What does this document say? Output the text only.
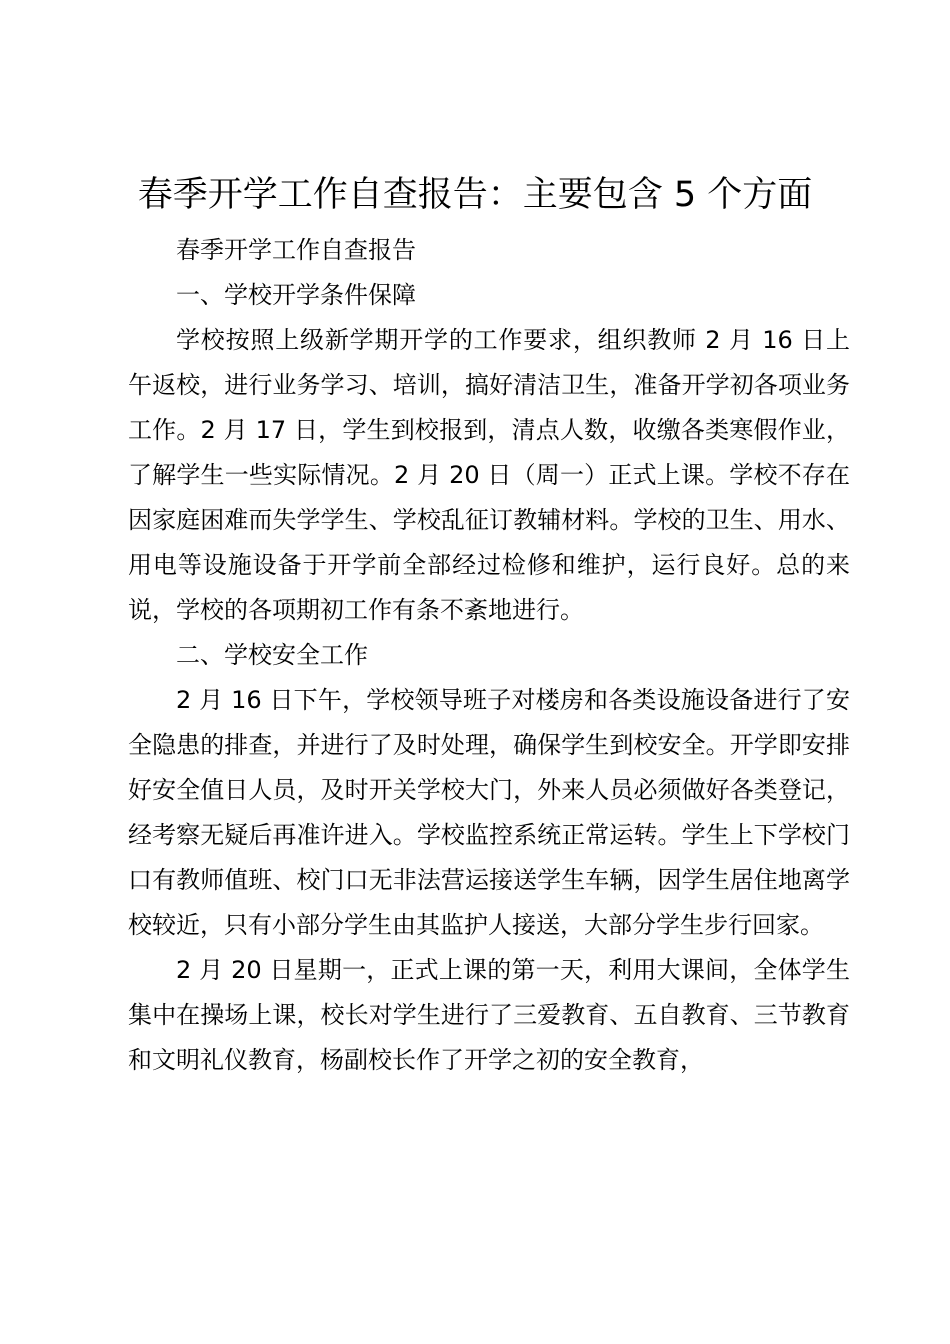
春季开学工作自查报告：主要包含 5 个方面

春季开学工作自查报告

一、学校开学条件保障

学校按照上级新学期开学的工作要求，组织教师 2 月 16 日上午返校，进行业务学习、培训，搞好清洁卫生，准备开学初各项业务工作。2 月 17 日，学生到校报到，清点人数，收缴各类寒假作业，了解学生一些实际情况。2 月 20 日（周一）正式上课。学校不存在因家庭困难而失学学生、学校乱征订教辅材料。学校的卫生、用水、用电等设施设备于开学前全部经过检修和维护，运行良好。总的来说，学校的各项期初工作有条不紊地进行。

二、学校安全工作

2 月 16 日下午，学校领导班子对楼房和各类设施设备进行了安全隐患的排查，并进行了及时处理，确保学生到校安全。开学即安排好安全值日人员，及时开关学校大门，外来人员必须做好各类登记，经考察无疑后再准许进入。学校监控系统正常运转。学生上下学校门口有教师值班、校门口无非法营运接送学生车辆，因学生居住地离学校较近，只有小部分学生由其监护人接送，大部分学生步行回家。

2 月 20 日星期一，正式上课的第一天，利用大课间，全体学生集中在操场上课，校长对学生进行了三爱教育、五自教育、三节教育和文明礼仪教育，杨副校长作了开学之初的安全教育，
